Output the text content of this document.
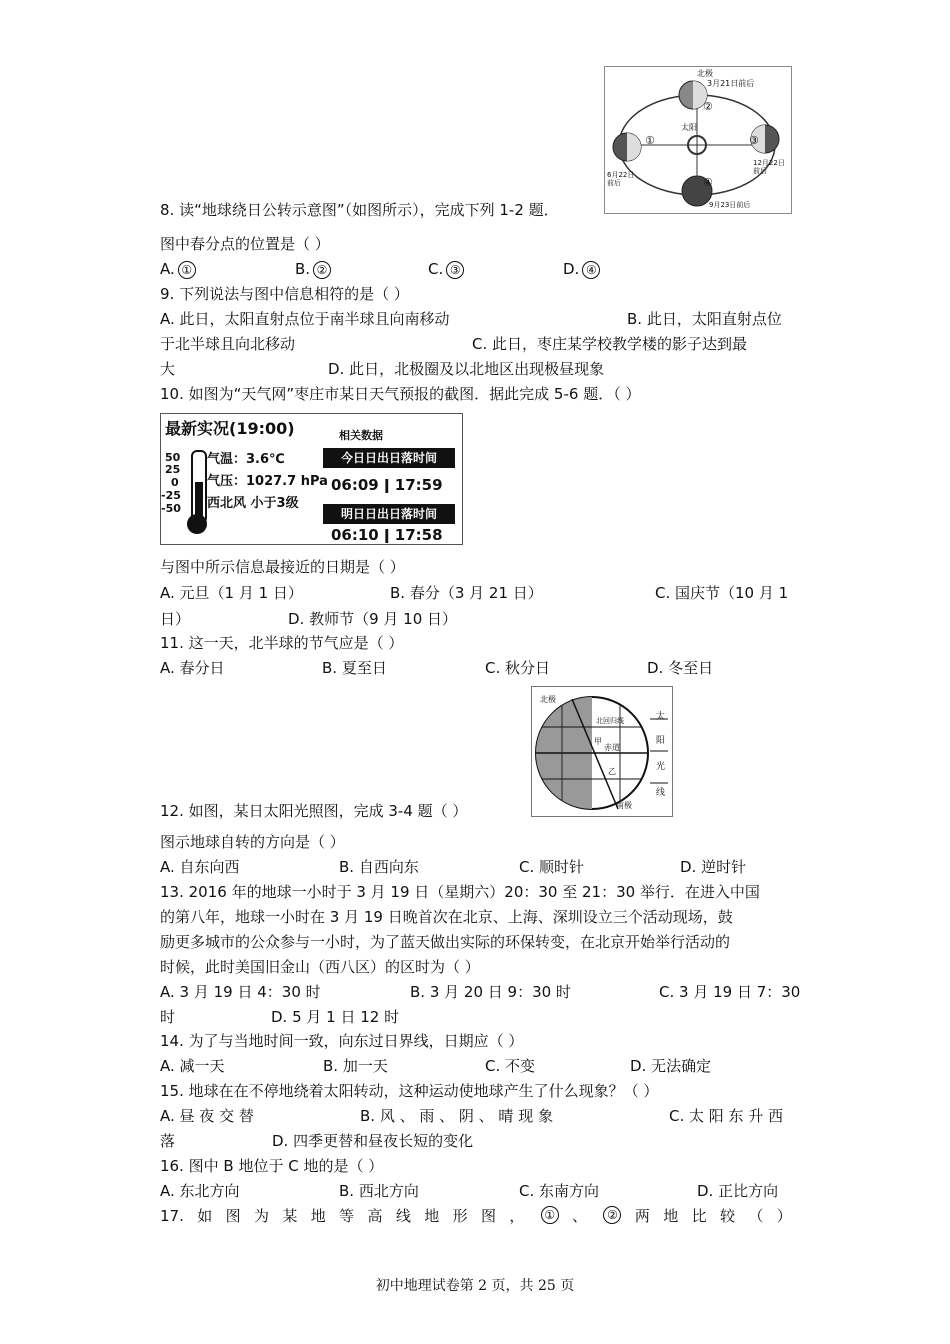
北极
3月21日前后
太阳
6月22日前后
12月22日前后
9月23日前后
①
②
③
④
8. 读“地球绕日公转示意图”（如图所示），完成下列 1-2 题．
图中春分点的位置是（ ）
A. ①	B. ②	C. ③	D. ④
9. 下列说法与图中信息相符的是（ ）
A. 此日，太阳直射点位于南半球且向南移动	B. 此日，太阳直射点位
于北半球且向北移动	C. 此日，枣庄某学校教学楼的影子达到最
大	D. 此日，北极圈及以北地区出现极昼现象
10. 如图为“天气网”枣庄市某日天气预报的截图．据此完成 5-6 题．（ ）
最新实况(19:00)
50
25
0
-25
-50
气温：3.6℃
气压：1027.7 hPa
西北风 小于3级
相关数据
今日日出日落时间
06:09 ǀ 17:59
明日日出日落时间
06:10 ǀ 17:58
与图中所示信息最接近的日期是（ ）
A. 元旦（1 月 1 日）	B. 春分（3 月 21 日）	C. 国庆节（10 月 1
日）	D. 教师节（9 月 10 日）
11. 这一天，北半球的节气应是（ ）
A. 春分日	B. 夏至日	C. 秋分日	D. 冬至日
北极
北回归线
赤道
甲
乙
南极
太
阳
光
线
12. 如图，某日太阳光照图，完成 3-4 题（ ）
图示地球自转的方向是（ ）
A. 自东向西	B. 自西向东	C. 顺时针	D. 逆时针
13. 2016 年的地球一小时于 3 月 19 日（星期六）20：30 至 21：30 举行．在进入中国
的第八年，地球一小时在 3 月 19 日晚首次在北京、上海、深圳设立三个活动现场，鼓
励更多城市的公众参与一小时，为了蓝天做出实际的环保转变，在北京开始举行活动的
时候，此时美国旧金山（西八区）的区时为（ ）
A. 3 月 19 日 4：30 时	B. 3 月 20 日 9：30 时	C. 3 月 19 日 7：30
时	D. 5 月 1 日 12 时
14. 为了与当地时间一致，向东过日界线，日期应（ ）
A. 减一天	B. 加一天	C. 不变	D. 无法确定
15. 地球在在不停地绕着太阳转动，这种运动使地球产生了什么现象？（ ）
A. 昼 夜 交 替	B. 风 、 雨 、 阴 、 晴 现 象	C. 太 阳 东 升 西
落	D. 四季更替和昼夜长短的变化
16. 图中 B 地位于 C 地的是（ ）
A. 东北方向	B. 西北方向	C. 东南方向	D. 正比方向
17. 如 图 为 某 地 等 高 线 地 形 图 ，	① 、	② 两 地 比 较 （ ）
初中地理试卷第 2 页，共 25 页
